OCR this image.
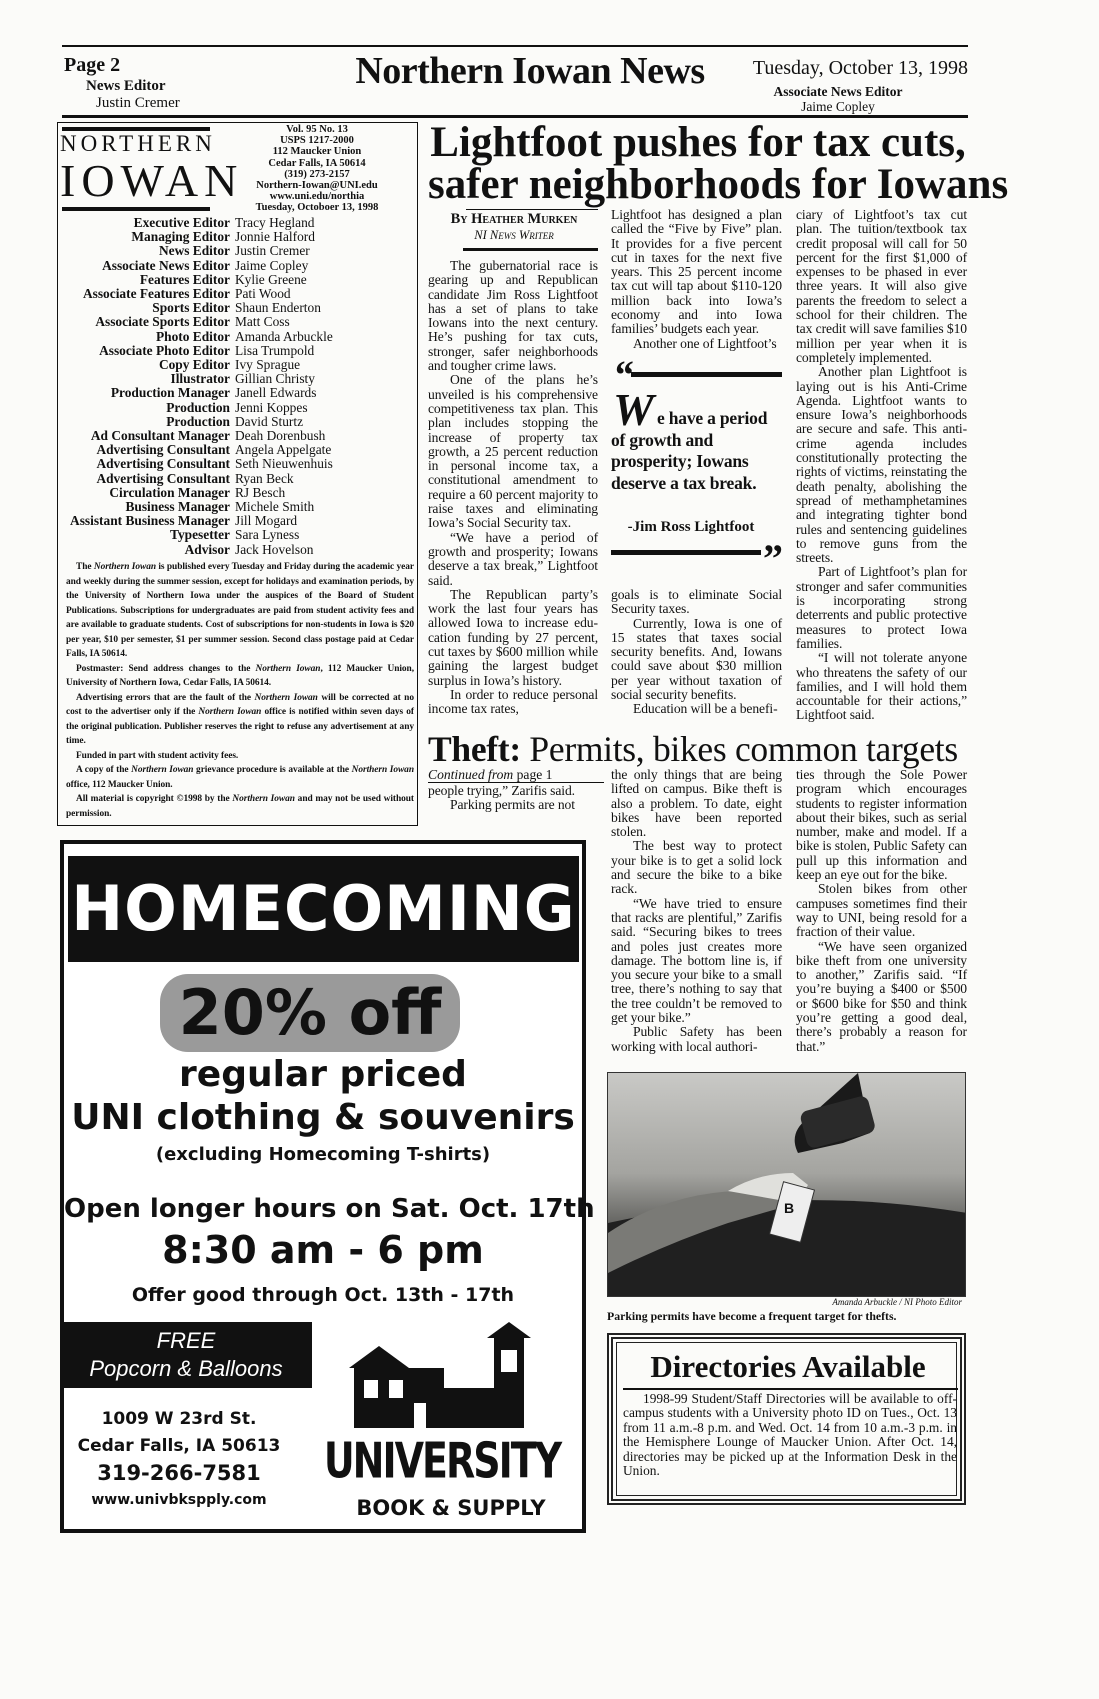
Page 2
News Editor
Justin Cremer
Northern Iowan News	Tuesday, October 13, 1998
Associate News Editor
Jaime Copley
NORTHERN
IOWAN
Vol. 95 No. 13
USPS 1217-2000
112 Maucker Union
Cedar Falls, IA 50614
(319) 273-2157
Northern-Iowan@UNI.edu
www.uni.edu/northia
Tuesday, Octoboer 13, 1998
Executive Editor Tracy Hegland
Managing Editor Jonnie Halford
News Editor Justin Cremer
Associate News Editor Jaime Copley
Features Editor Kylie Greene
Associate Features Editor Pati Wood
Sports Editor Shaun Enderton
Associate Sports Editor Matt Coss
Photo Editor Amanda Arbuckle
Associate Photo Editor Lisa Trumpold
Copy Editor Ivy Sprague
Illustrator Gillian Christy
Production Manager Janell Edwards
Production Jenni Koppes
Production David Sturtz
Ad Consultant Manager Deah Dorenbush
Advertising Consultant Angela Appelgate
Advertising Consultant Seth Nieuwenhuis
Advertising Consultant Ryan Beck
Circulation Manager RJ Besch
Business Manager Michele Smith
Assistant Business Manager Jill Mogard
Typesetter Sara Lyness
Advisor Jack Hovelson

The Northern Iowan is published every Tuesday and Friday during the academic year and weekly during the summer session, except for holidays and examination periods, by the University of Northern Iowa under the auspices of the Board of Student Publications. Subscriptions for undergraduates are paid from student activity fees and are available to graduate students. Cost of subscriptions for non-students in Iowa is $20 per year, $10 per semester, $1 per summer session. Second class postage paid at Cedar Falls, IA 50614.

Postmaster: Send address changes to the Northern Iowan, 112 Maucker Union, University of Northern Iowa, Cedar Falls, IA 50614.

Advertising errors that are the fault of the Northern Iowan will be corrected at no cost to the advertiser only if the Northern Iowan office is notified within seven days of the original publication. Publisher reserves the right to refuse any advertisement at any time.

Funded in part with student activity fees.

A copy of the Northern Iowan grievance procedure is available at the Northern Iowan office, 112 Maucker Union.

All material is copyright ©1998 by the Northern Iowan and may not be used without permission.

Lightfoot pushes for tax cuts,
safer neighborhoods for Iowans
By Heather Murken
NI News Writer

The gubernatorial race is gearing up and Republican candidate Jim Ross Lightfoot has a set of plans to take Iowans into the next century. He’s pushing for tax cuts, stronger, safer neighborhoods and tougher crime laws.

One of the plans he’s unveiled is his comprehensive competitiveness tax plan. This plan includes stopping the increase of property tax growth, a 25 percent reduction in personal income tax, a constitutional amendment to require a 60 percent majority to raise taxes and eliminating Iowa’s Social Security tax.

“We have a period of growth and prosperity; Iowans deserve a tax break,” Lightfoot said.

The Republican party’s work the last four years has allowed Iowa to increase education funding by 27 percent, cut taxes by $600 million while gaining the largest budget surplus in Iowa’s history.

In order to reduce personal income tax rates,

Lightfoot has designed a plan called the “Five by Five” plan. It provides for a five percent cut in taxes for the next five years. This 25 percent income tax cut will tap about $110-120 million back into Iowa’s economy and into Iowa families’ budgets each year.

Another one of Lightfoot’s

“
W e have a period of growth and prosperity; Iowans deserve a tax break.
-Jim Ross Lightfoot
”

goals is to eliminate Social Security taxes.

Currently, Iowa is one of 15 states that taxes social security benefits. And, Iowans could save about $30 million per year without taxation of social security benefits.

Education will be a benefi-

ciary of Lightfoot’s tax cut plan. The tuition/textbook tax credit proposal will call for 50 percent for the first $1,000 of expenses to be phased in ever three years. It will also give parents the freedom to select a school for their children. The tax credit will save families $10 million per year when it is completely implemented.

Another plan Lightfoot is laying out is his Anti-Crime Agenda. Lightfoot wants to ensure Iowa’s neighborhoods are secure and safe. This anti-crime agenda includes constitutionally protecting the rights of victims, reinstating the death penalty, abolishing the spread of methamphetamines and integrating tighter bond rules and sentencing guidelines to remove guns from the streets.

Part of Lightfoot’s plan for stronger and safer communities is incorporating strong deterrents and public protective measures to protect Iowa families.

“I will not tolerate anyone who threatens the safety of our families, and I will hold them accountable for their actions,” Lightfoot said.

Theft: Permits, bikes common targets
Continued from page 1

people trying,” Zarifis said.

Parking permits are not

the only things that are being lifted on campus. Bike theft is also a problem. To date, eight bikes have been reported stolen.

The best way to protect your bike is to get a solid lock and secure the bike to a bike rack.

“We have tried to ensure that racks are plentiful,” Zarifis said. “Securing bikes to trees and poles just creates more damage. The bottom line is, if you secure your bike to a small tree, there’s nothing to say that the tree couldn’t be removed to get your bike.”

Public Safety has been working with local authori-

ties through the Sole Power program which encourages students to register information about their bikes, such as serial number, make and model. If a bike is stolen, Public Safety can pull up this information and keep an eye out for the bike.

Stolen bikes from other campuses sometimes find their way to UNI, being resold for a fraction of their value.

“We have seen organized bike theft from one university to another,” Zarifis said. “If you’re buying a $400 or $500 or $600 bike for $50 and think you’re getting a good deal, there’s probably a reason for that.”

B
Amanda Arbuckle / NI Photo Editor
Parking permits have become a frequent target for thefts.
Directories Available
1998-99 Student/Staff Directories will be available to off-campus students with a University photo ID on Tues., Oct. 13 from 11 a.m.-8 p.m. and Wed. Oct. 14 from 10 a.m.-3 p.m. in the Hemisphere Lounge of Maucker Union. After Oct. 14, directories may be picked up at the Information Desk in the Union.
HOMECOMING
20% off
regular priced
UNI clothing & souvenirs
(excluding Homecoming T-shirts)
Open longer hours on Sat. Oct. 17th
8:30 am - 6 pm
Offer good through Oct. 13th - 17th
FREE
Popcorn & Balloons
1009 W 23rd St.
Cedar Falls, IA 50613
319-266-7581
www.univbkspply.com
UNIVERSITY
BOOK & SUPPLY
